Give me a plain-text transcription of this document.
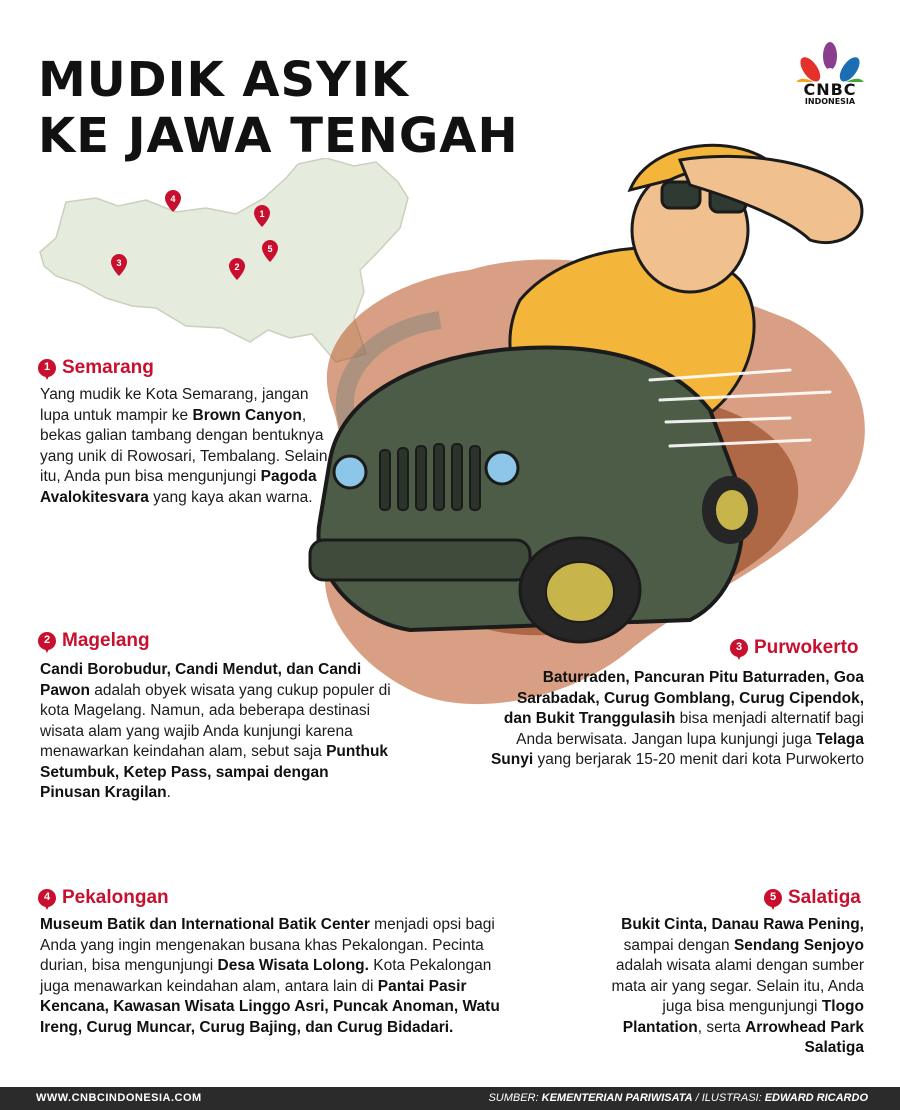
MUDIK ASYIK
KE JAWA TENGAH
CNBC
INDONESIA
4
1
5
2
3
1 Semarang
Yang mudik ke Kota Semarang, jangan lupa untuk mampir ke Brown Canyon, bekas galian tambang dengan bentuknya yang unik di Rowosari, Tembalang. Selain itu, Anda pun bisa mengunjungi Pagoda Avalokitesvara yang kaya akan warna.
2 Magelang
Candi Borobudur, Candi Mendut, dan Candi Pawon adalah obyek wisata yang cukup populer di kota Magelang. Namun, ada beberapa destinasi wisata alam yang wajib Anda kunjungi karena menawarkan keindahan alam, sebut saja Punthuk Setumbuk, Ketep Pass, sampai dengan Pinusan Kragilan.
3 Purwokerto
Baturraden, Pancuran Pitu Baturraden, Goa Sarabadak, Curug Gomblang, Curug Cipendok, dan Bukit Tranggulasih bisa menjadi alternatif bagi Anda berwisata. Jangan lupa kunjungi juga Telaga Sunyi yang berjarak 15-20 menit dari kota Purwokerto
4 Pekalongan
Museum Batik dan International Batik Center menjadi opsi bagi Anda yang ingin mengenakan busana khas Pekalongan. Pecinta durian, bisa mengunjungi Desa Wisata Lolong. Kota Pekalongan juga menawarkan keindahan alam, antara lain di Pantai Pasir Kencana, Kawasan Wisata Linggo Asri, Puncak Anoman, Watu Ireng, Curug Muncar, Curug Bajing, dan Curug Bidadari.
5 Salatiga
Bukit Cinta, Danau Rawa Pening, sampai dengan Sendang Senjoyo adalah wisata alami dengan sumber mata air yang segar. Selain itu, Anda juga bisa mengunjungi Tlogo Plantation, serta Arrowhead Park Salatiga
WWW.CNBCINDONESIA.COM	SUMBER: KEMENTERIAN PARIWISATA / ILUSTRASI: EDWARD RICARDO
